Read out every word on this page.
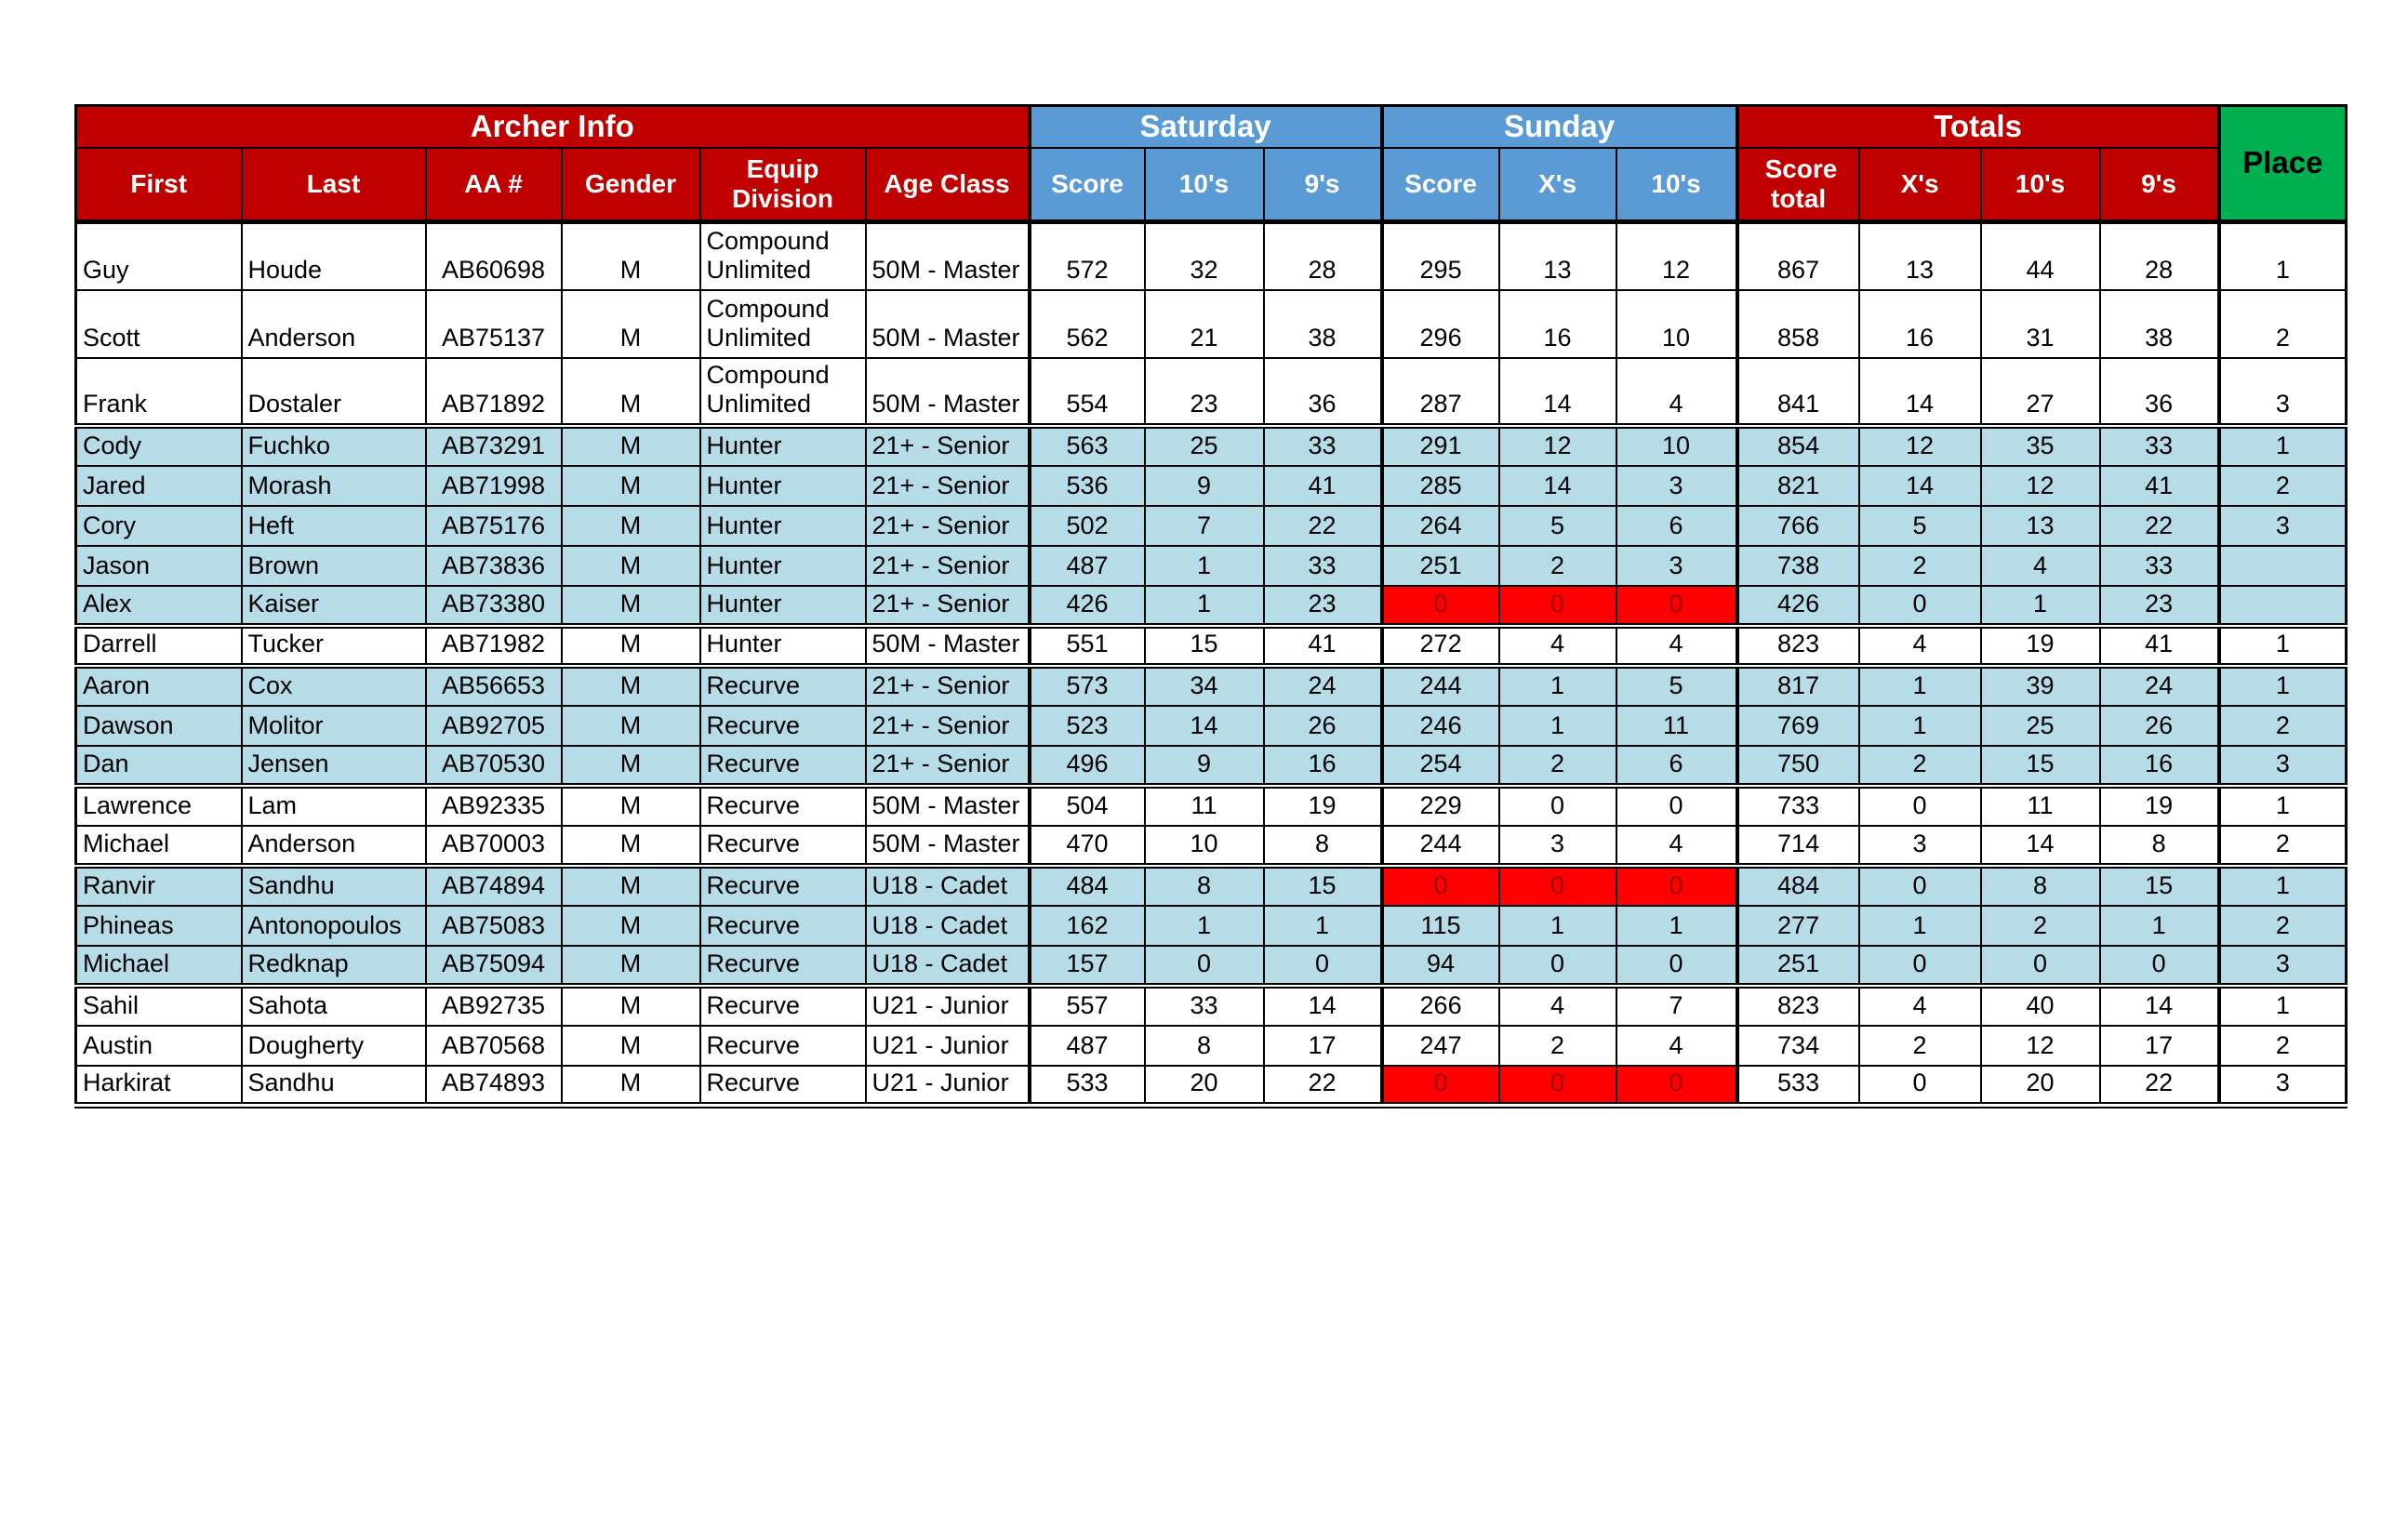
Archer Info						Saturday			Sunday			Totals				Place
First	Last	AA #	Gender	Equip Division	Age Class	Score	10's	9's	Score	X's	10's	Score total	X's	10's	9's	
Guy	Houde	AB60698	M	Compound Unlimited	50M - Master	572	32	28	295	13	12	867	13	44	28	1
Scott	Anderson	AB75137	M	Compound Unlimited	50M - Master	562	21	38	296	16	10	858	16	31	38	2
Frank	Dostaler	AB71892	M	Compound Unlimited	50M - Master	554	23	36	287	14	4	841	14	27	36	3
Cody	Fuchko	AB73291	M	Hunter	21+ - Senior	563	25	33	291	12	10	854	12	35	33	1
Jared	Morash	AB71998	M	Hunter	21+ - Senior	536	9	41	285	14	3	821	14	12	41	2
Cory	Heft	AB75176	M	Hunter	21+ - Senior	502	7	22	264	5	6	766	5	13	22	3
Jason	Brown	AB73836	M	Hunter	21+ - Senior	487	1	33	251	2	3	738	2	4	33	
Alex	Kaiser	AB73380	M	Hunter	21+ - Senior	426	1	23	0	0	0	426	0	1	23	
Darrell	Tucker	AB71982	M	Hunter	50M - Master	551	15	41	272	4	4	823	4	19	41	1
Aaron	Cox	AB56653	M	Recurve	21+ - Senior	573	34	24	244	1	5	817	1	39	24	1
Dawson	Molitor	AB92705	M	Recurve	21+ - Senior	523	14	26	246	1	11	769	1	25	26	2
Dan	Jensen	AB70530	M	Recurve	21+ - Senior	496	9	16	254	2	6	750	2	15	16	3
Lawrence	Lam	AB92335	M	Recurve	50M - Master	504	11	19	229	0	0	733	0	11	19	1
Michael	Anderson	AB70003	M	Recurve	50M - Master	470	10	8	244	3	4	714	3	14	8	2
Ranvir	Sandhu	AB74894	M	Recurve	U18 - Cadet	484	8	15	0	0	0	484	0	8	15	1
Phineas	Antonopoulos	AB75083	M	Recurve	U18 - Cadet	162	1	1	115	1	1	277	1	2	1	2
Michael	Redknap	AB75094	M	Recurve	U18 - Cadet	157	0	0	94	0	0	251	0	0	0	3
Sahil	Sahota	AB92735	M	Recurve	U21 - Junior	557	33	14	266	4	7	823	4	40	14	1
Austin	Dougherty	AB70568	M	Recurve	U21 - Junior	487	8	17	247	2	4	734	2	12	17	2
Harkirat	Sandhu	AB74893	M	Recurve	U21 - Junior	533	20	22	0	0	0	533	0	20	22	3
